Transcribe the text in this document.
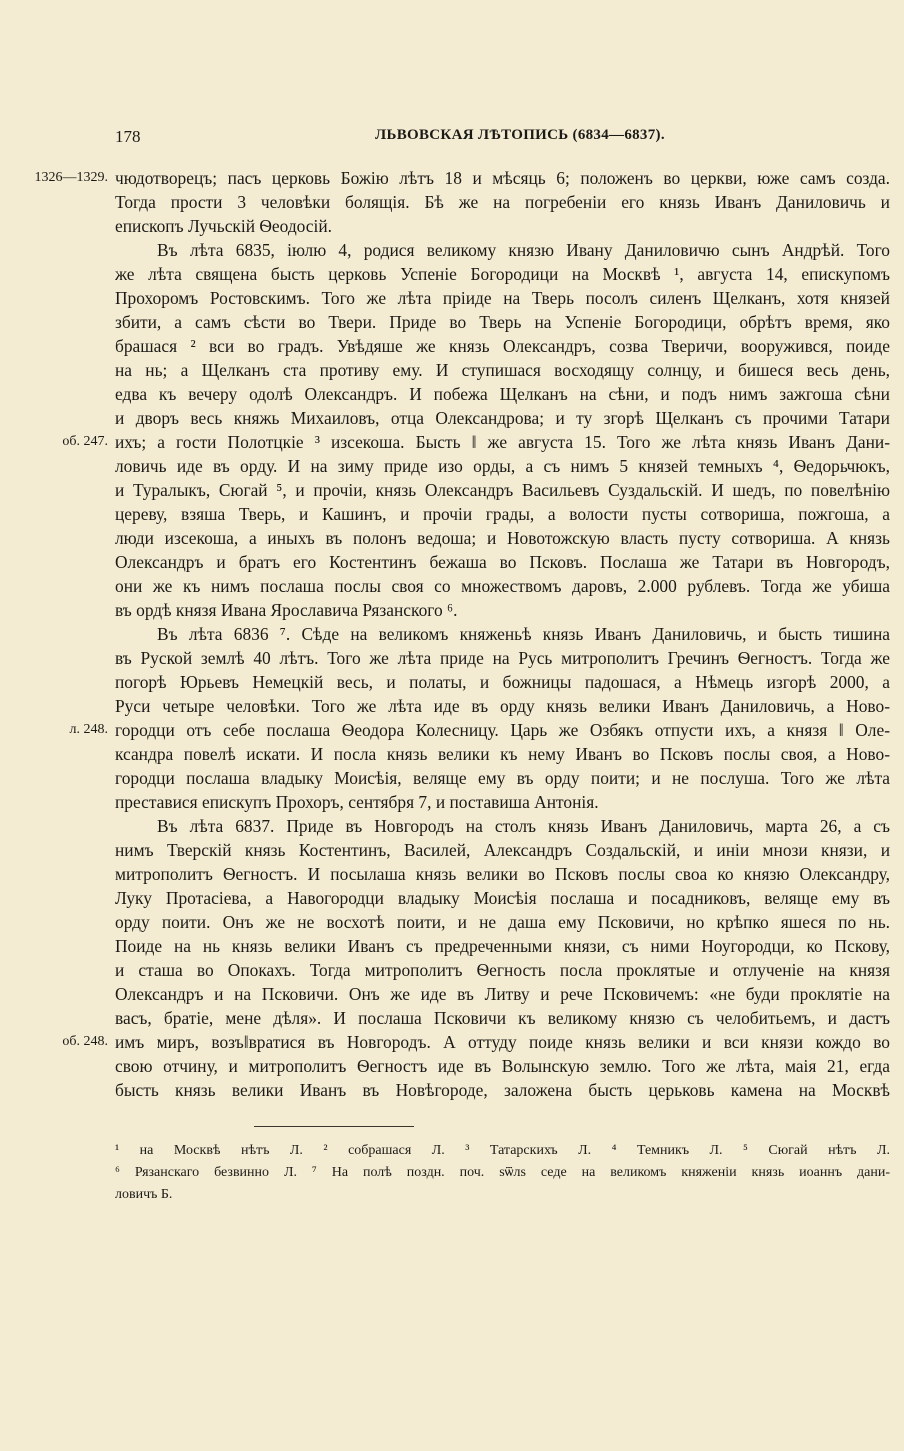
178	ЛЬВОВСКАЯ ЛѢТОПИСЬ (6834—6837).
1326—1329.
об. 247.
л. 248.
об. 248.
чюдотворецъ; пасъ церковь Божію лѣтъ 18 и мѣсяць 6; положенъ во церкви, юже самъ созда.
Тогда прости 3 человѣки болящія. Бѣ же на погребеніи его князь Иванъ Даниловичь и
епископъ Лучьскій Ѳеодосій.
Въ лѣта 6835, іюлю 4, родися великому князю Ивану Даниловичю сынъ Андрѣй. Того
же лѣта священа бысть церковь Успеніе Богородици на Москвѣ ¹, августа 14, епискупомъ
Прохоромъ Ростовскимъ. Того же лѣта пріиде на Тверь посолъ силенъ Щелканъ, хотя князей
збити, а самъ сѣсти во Твери. Приде во Тверь на Успеніе Богородици, обрѣтъ время, яко
брашася ² вси во градъ. Увѣдяше же князь Олександръ, созва Тверичи, вооружився, поиде
на нь; а Щелканъ ста противу ему. И ступишася восходящу солнцу, и бишеся весь день,
едва къ вечеру одолѣ Олександръ. И побежа Щелканъ на сѣни, и подъ нимъ зажгоша сѣни
и дворъ весь княжь Михаиловъ, отца Олександрова; и ту згорѣ Щелканъ съ прочими Татари
ихъ; а гости Полотцкіе ³ изсекоша. Бысть ‖ же августа 15. Того же лѣта князь Иванъ Дани-
ловичь иде въ орду. И на зиму приде изо орды, а съ нимъ 5 князей темныхъ ⁴, Ѳедорьчюкъ,
и Туралыкъ, Сюгай ⁵, и прочіи, князь Олександръ Васильевъ Суздальскій. И шедъ, по повелѣнію
цереву, взяша Тверь, и Кашинъ, и прочіи грады, а волости пусты сотвориша, пожгоша, а
люди изсекоша, а иныхъ въ полонъ ведоша; и Новотожскую власть пусту сотвориша. А князь
Олександръ и братъ его Костентинъ бежаша во Псковъ. Послаша же Татари въ Новгородъ,
они же къ нимъ послаша послы своя со множествомъ даровъ, 2.000 рублевъ. Тогда же убиша
въ ордѣ князя Ивана Ярославича Рязанского ⁶.
Въ лѣта 6836 ⁷. Сѣде на великомъ княженьѣ князь Иванъ Даниловичь, и бысть тишина
въ Руской землѣ 40 лѣтъ. Того же лѣта приде на Русь митрополитъ Гречинъ Ѳегностъ. Тогда же
погорѣ Юрьевъ Немецкій весь, и полаты, и божницы падошася, а Нѣмець изгорѣ 2000, а
Руси четыре человѣки. Того же лѣта иде въ орду князь велики Иванъ Даниловичь, а Ново-
городци отъ себе послаша Ѳеодора Колесницу. Царь же Озбякъ отпусти ихъ, а князя ‖ Оле-
ксандра повелѣ искати. И посла князь велики къ нему Иванъ во Псковъ послы своя, а Ново-
городци послаша владыку Моисѣія, веляще ему въ орду поити; и не послуша. Того же лѣта
преставися епискупъ Прохоръ, сентября 7, и поставиша Антонія.
Въ лѣта 6837. Приде въ Новгородъ на столъ князь Иванъ Даниловичь, марта 26, а съ
нимъ Тверскій князь Костентинъ, Василей, Александръ Создальскій, и иніи мнози князи, и
митрополитъ Ѳегностъ. И посылаша князь велики во Псковъ послы своа ко князю Олександру,
Луку Протасіева, а Навогородци владыку Моисѣія послаша и посадниковъ, веляще ему въ
орду поити. Онъ же не восхотѣ поити, и не даша ему Псковичи, но крѣпко яшеся по нь.
Поиде на нь князь велики Иванъ съ предреченными князи, съ ними Ноугородци, ко Пскову,
и сташа во Опокахъ. Тогда митрополитъ Ѳегность посла проклятые и отлученіе на князя
Олександръ и на Псковичи. Онъ же иде въ Литву и рече Псковичемъ: «не буди проклятіе на
васъ, братіе, мене дѣля». И послаша Псковичи къ великому князю съ челобитьемъ, и дастъ
имъ миръ, возъ‖вратися въ Новгородъ. А оттуду поиде князь велики и вси князи кождо во
свою отчину, и митрополитъ Ѳегностъ иде въ Волынскую землю. Того же лѣта, маія 21, егда
бысть князь велики Иванъ въ Новѣгороде, заложена бысть церьковь камена на Москвѣ
¹ на Москвѣ нѣтъ Л. ² собрашася Л. ³ Татарскихъ Л. ⁴ Темникъ Л. ⁵ Сюгай нѣтъ Л.
⁶ Рязанскаго безвинно Л. ⁷ На полѣ поздн. поч. ѕѿлѕ седе на великомъ княженіи князь иоаннъ дани-
ловичъ Б.
